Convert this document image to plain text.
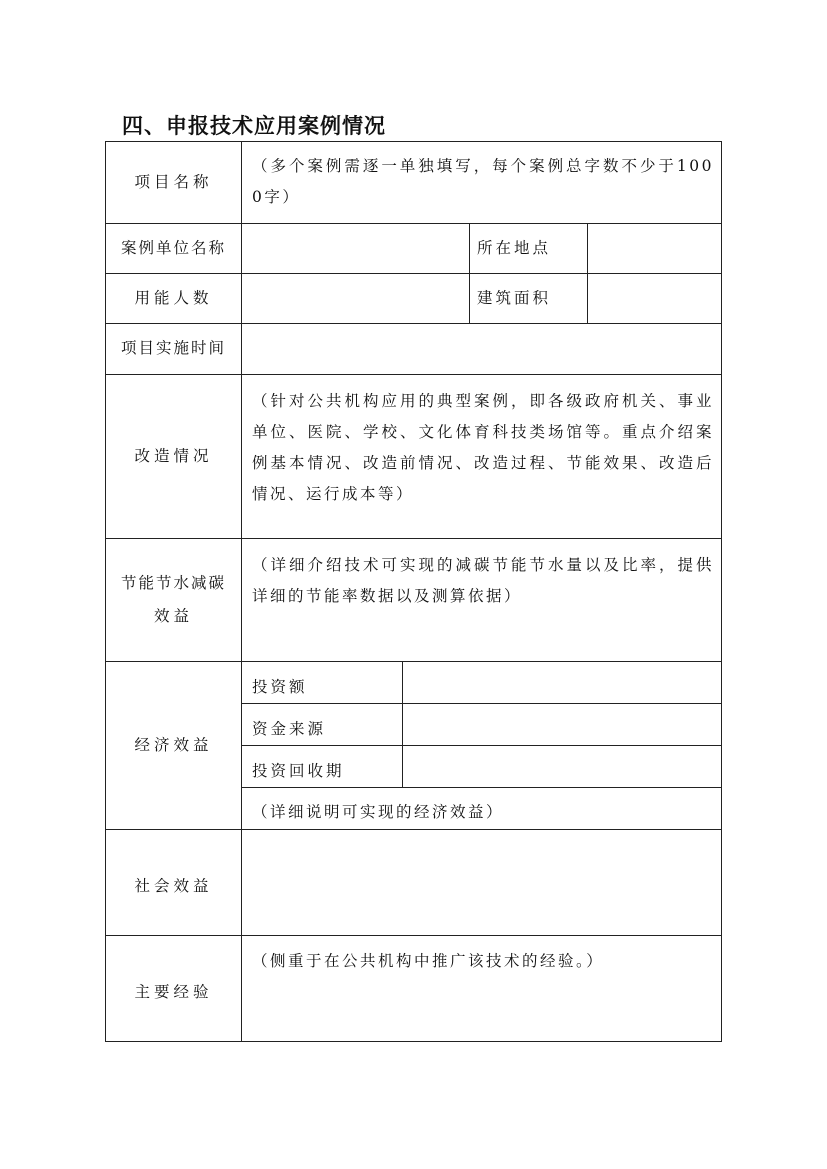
四、申报技术应用案例情况
项目名称
（多个案例需逐一单独填写，每个案例总字数不少于1000字）
案例单位名称	所在地点
用能人数	建筑面积
项目实施时间
改造情况
（针对公共机构应用的典型案例，即各级政府机关、事业单位、医院、学校、文化体育科技类场馆等。重点介绍案例基本情况、改造前情况、改造过程、节能效果、改造后情况、运行成本等）
节能节水减碳
效益
（详细介绍技术可实现的减碳节能节水量以及比率，提供详细的节能率数据以及测算依据）
经济效益
投资额
资金来源
投资回收期
（详细说明可实现的经济效益）
社会效益
主要经验
（侧重于在公共机构中推广该技术的经验。）
